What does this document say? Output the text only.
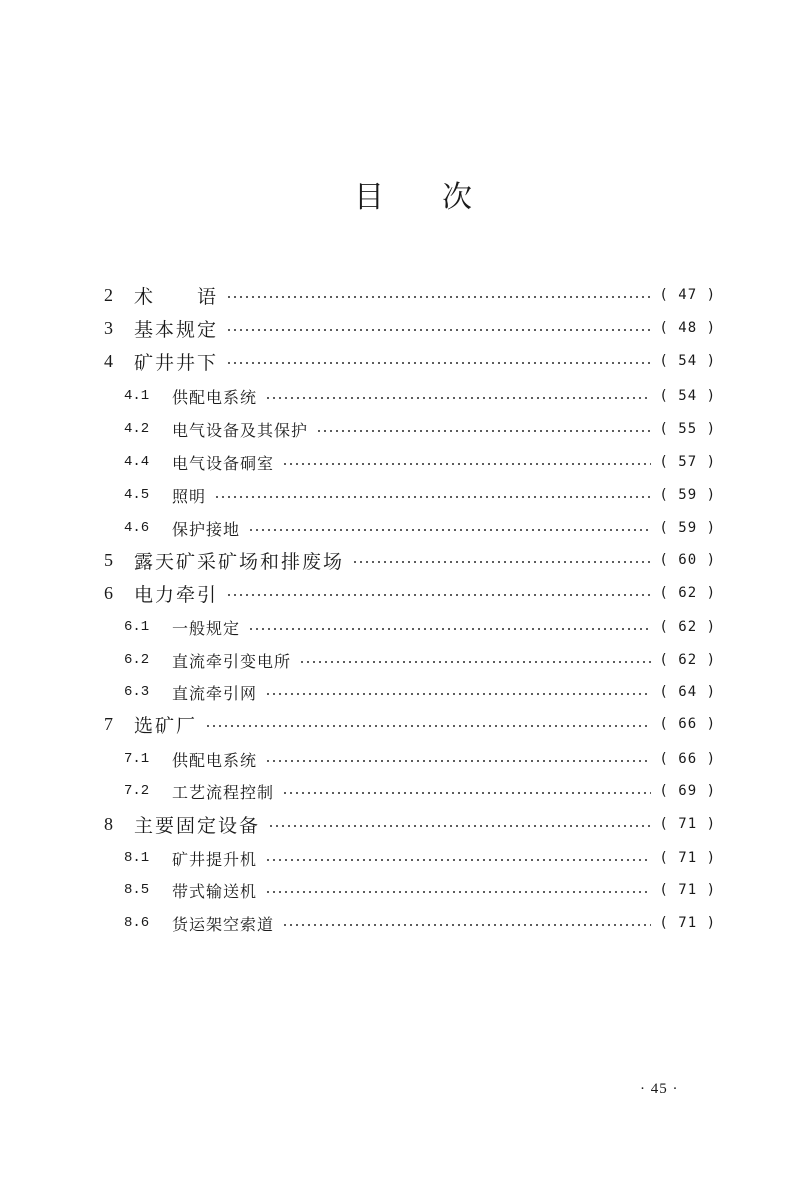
目 次
2	术　　语	( 47 )
3	基本规定	( 48 )
4	矿井井下	( 54 )
4.1	供配电系统	( 54 )
4.2	电气设备及其保护	( 55 )
4.4	电气设备硐室	( 57 )
4.5	照明	( 59 )
4.6	保护接地	( 59 )
5	露天矿采矿场和排废场	( 60 )
6	电力牵引	( 62 )
6.1	一般规定	( 62 )
6.2	直流牵引变电所	( 62 )
6.3	直流牵引网	( 64 )
7	选矿厂	( 66 )
7.1	供配电系统	( 66 )
7.2	工艺流程控制	( 69 )
8	主要固定设备	( 71 )
8.1	矿井提升机	( 71 )
8.5	带式输送机	( 71 )
8.6	货运架空索道	( 71 )
· 45 ·
